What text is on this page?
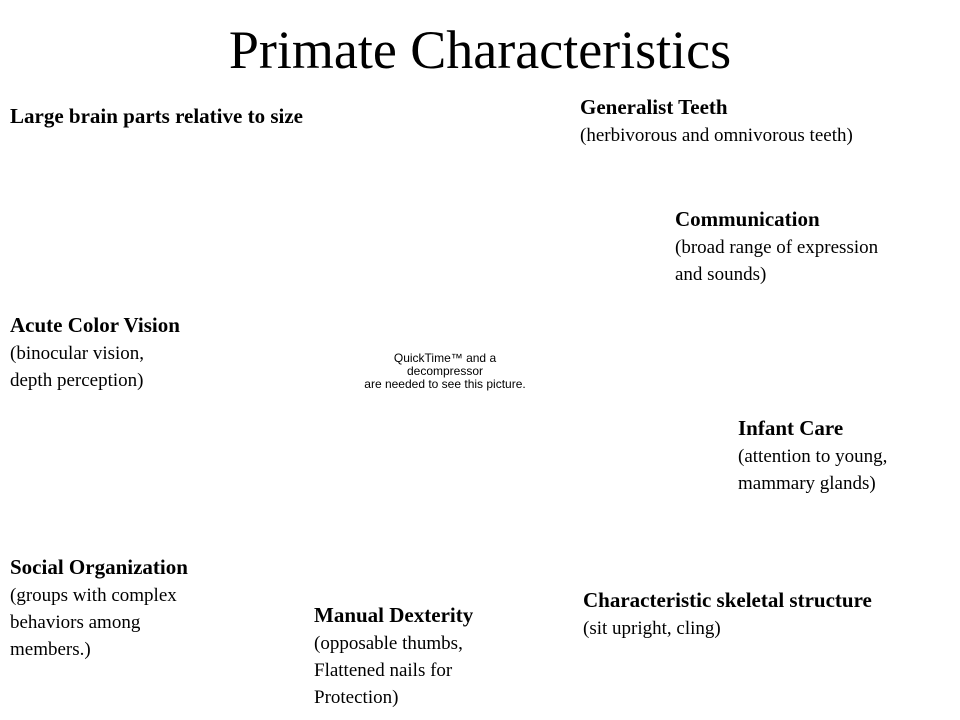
Primate Characteristics
Large brain parts relative to size	Generalist Teeth
(herbivorous and omnivorous teeth)
Communication
(broad range of expression
and sounds)
Acute Color Vision
(binocular vision,
depth perception)
QuickTime™ and a
decompressor
are needed to see this picture.
Infant Care
(attention to young,
mammary glands)
Social Organization
(groups with complex
behaviors among
members.)
Manual Dexterity
(opposable thumbs,
Flattened nails for
Protection)
Characteristic skeletal structure
(sit upright, cling)
